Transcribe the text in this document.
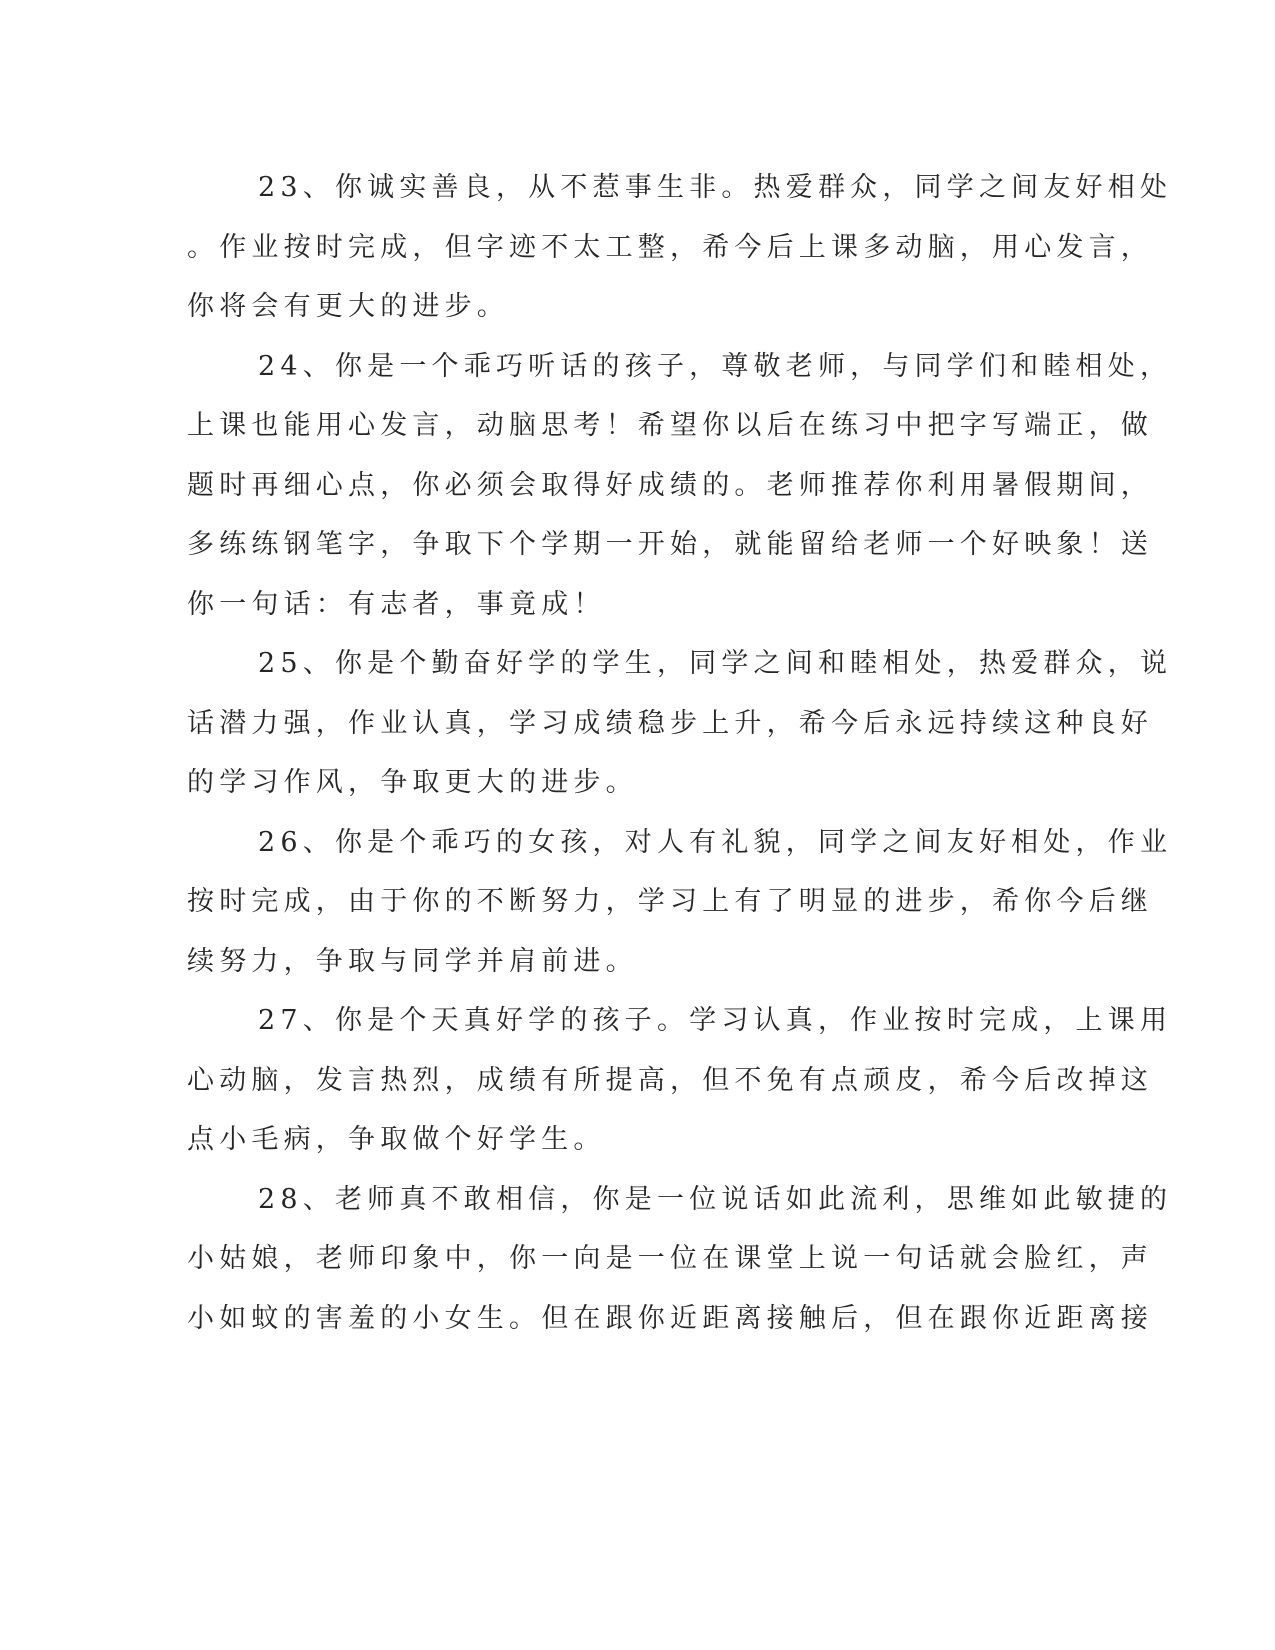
23、你诚实善良，从不惹事生非。热爱群众，同学之间友好相处
。作业按时完成，但字迹不太工整，希今后上课多动脑，用心发言，
你将会有更大的进步。

24、你是一个乖巧听话的孩子，尊敬老师，与同学们和睦相处，
上课也能用心发言，动脑思考！希望你以后在练习中把字写端正，做
题时再细心点，你必须会取得好成绩的。老师推荐你利用暑假期间，
多练练钢笔字，争取下个学期一开始，就能留给老师一个好映象！送
你一句话：有志者，事竟成！

25、你是个勤奋好学的学生，同学之间和睦相处，热爱群众，说
话潜力强，作业认真，学习成绩稳步上升，希今后永远持续这种良好
的学习作风，争取更大的进步。

26、你是个乖巧的女孩，对人有礼貌，同学之间友好相处，作业
按时完成，由于你的不断努力，学习上有了明显的进步，希你今后继
续努力，争取与同学并肩前进。

27、你是个天真好学的孩子。学习认真，作业按时完成，上课用
心动脑，发言热烈，成绩有所提高，但不免有点顽皮，希今后改掉这
点小毛病，争取做个好学生。

28、老师真不敢相信，你是一位说话如此流利，思维如此敏捷的
小姑娘，老师印象中，你一向是一位在课堂上说一句话就会脸红，声
小如蚊的害羞的小女生。但在跟你近距离接触后，但在跟你近距离接
